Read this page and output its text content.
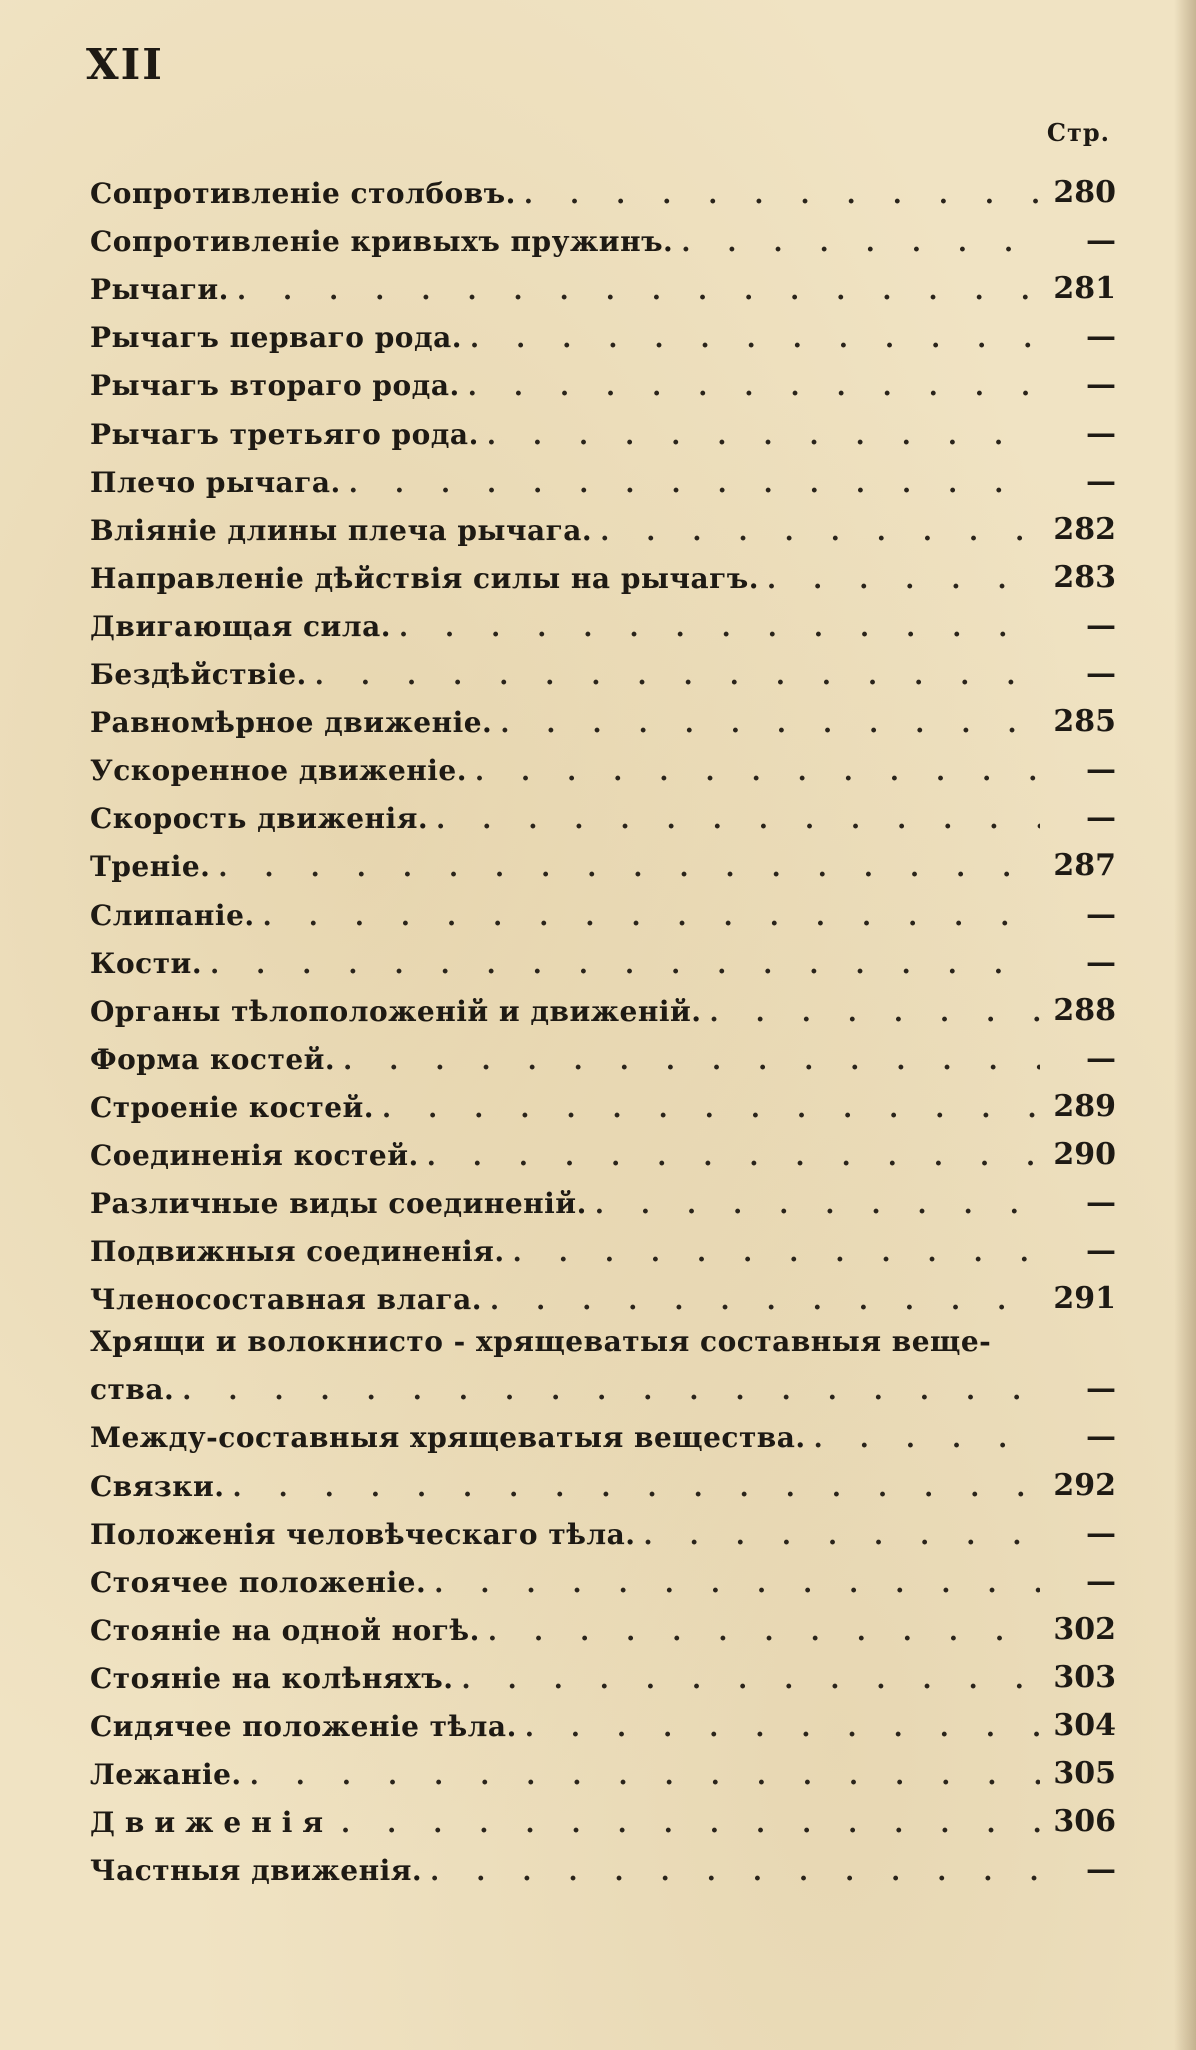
XII
Стр.
Сопротивленіе столбовъ. . . .	280
Сопротивленіе кривыхъ пружинъ. . . .	—
Рычаги. . . .	281
Рычагъ перваго рода. . . .	—
Рычагъ втораго рода. . . .	—
Рычагъ третьяго рода. . . .	—
Плечо рычага. . . .	—
Вліяніе длины плеча рычага. . . .	282
Направленіе дѣйствія силы на рычагъ. . . .	283
Двигающая сила. . . .	—
Бездѣйствіе. . . .	—
Равномѣрное движеніе. . . .	285
Ускоренное движеніе. . . .	—
Скорость движенія. . . .	—
Треніе. . . .	287
Слипаніе. . . .	—
Кости. . . .	—
Органы тѣлоположеній и движеній. . . .	288
Форма костей. . . .	—
Строеніе костей. . . .	289
Соединенія костей. . . .	290
Различные виды соединеній. . . .	—
Подвижныя соединенія. . . .	—
Членосоставная влага. . . .	291
Хрящи и волокнисто - хрящеватыя составныя веще-
ства. . . .	—
Между-составныя хрящеватыя вещества. . . .	—
Связки. . . .	292
Положенія человѣческаго тѣла. . . .	—
Стоячее положеніе. . . .	—
Стояніе на одной ногѣ. . . .	302
Стояніе на колѣняхъ. . . .	303
Сидячее положеніе тѣла. . . .	304
Лежаніе. . . .	305
Движенія . . .	306
Частныя движенія. . . .	—
